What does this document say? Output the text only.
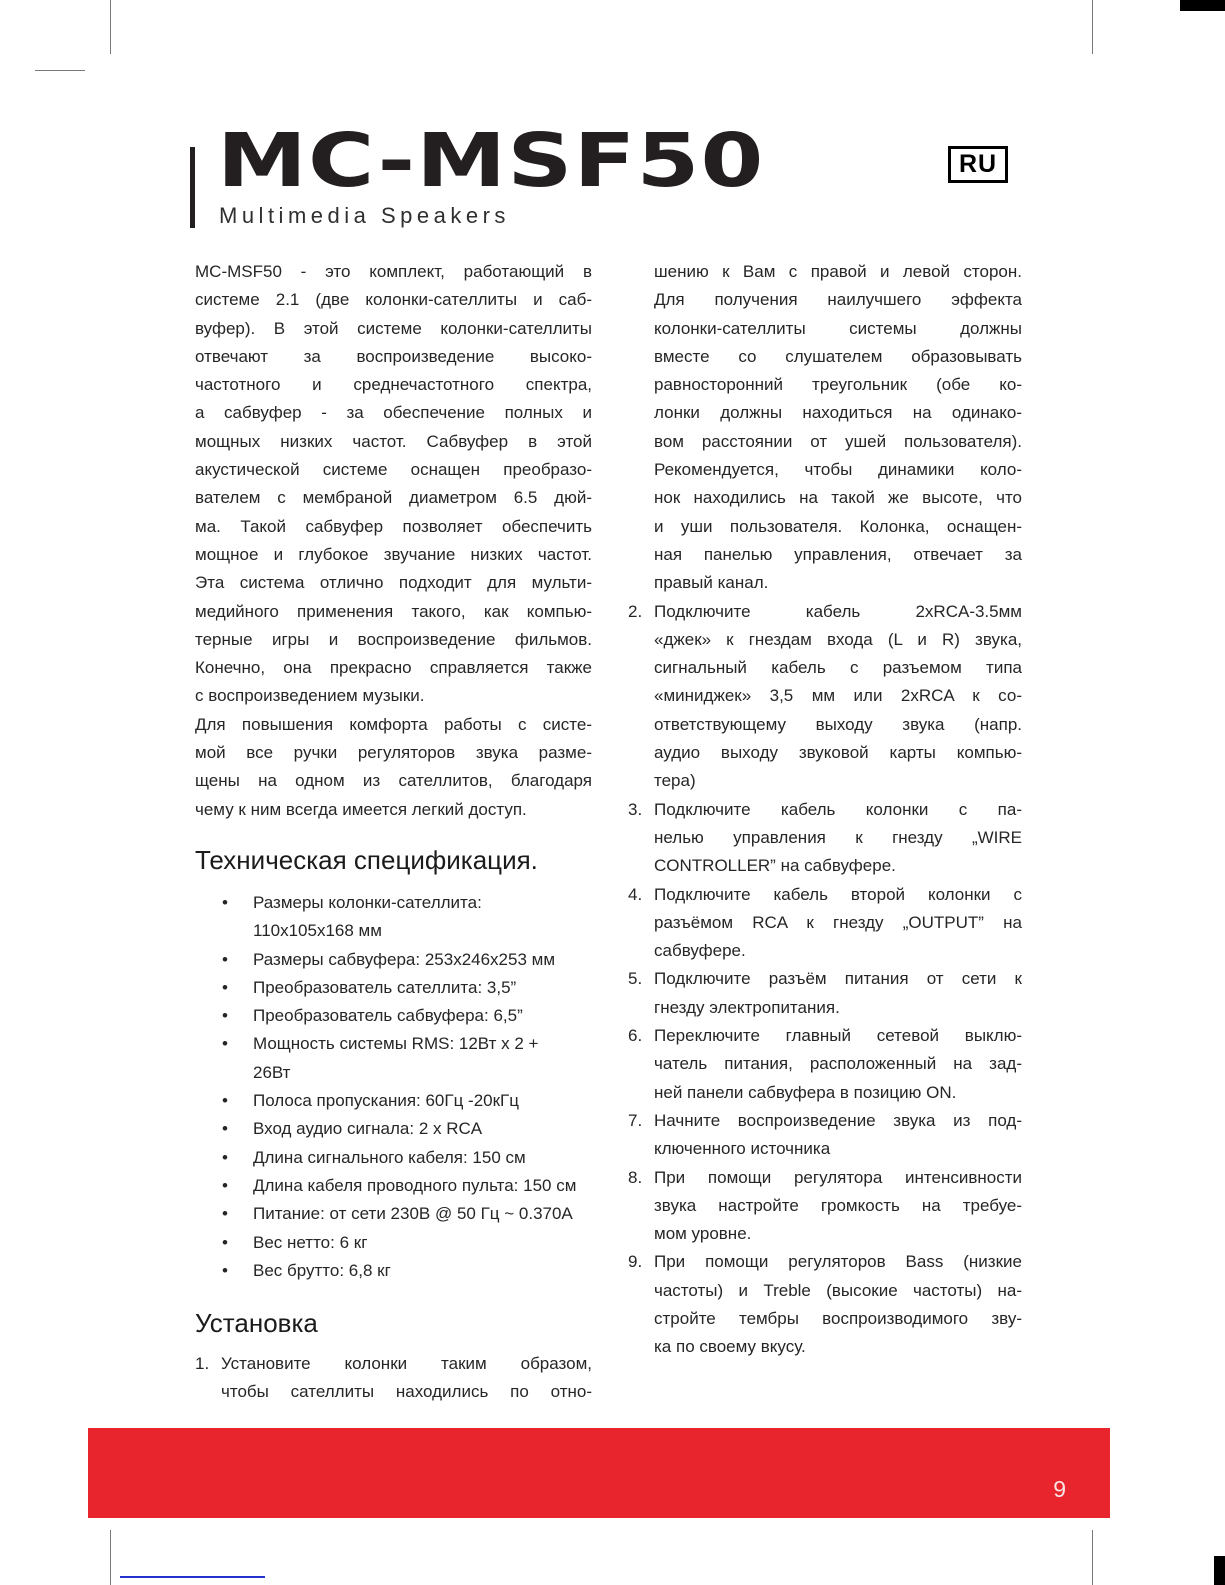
MC-MSF50
Multimedia Speakers
RU
MC-MSF50 - это комплект, работающий в
системе 2.1 (две колонки-сателлиты и саб-
вуфер). В этой системе колонки-сателлиты
отвечают за воспроизведение высоко-
частотного и среднечастотного спектра,
а сабвуфер - за обеспечение полных и
мощных низких частот. Сабвуфер в этой
акустической системе оснащен преобразо-
вателем с мембраной диаметром 6.5 дюй-
ма. Такой сабвуфер позволяет обеспечить
мощное и глубокое звучание низких частот.
Эта система отлично подходит для мульти-
медийного применения такого, как компью-
терные игры и воспроизведение фильмов.
Конечно, она прекрасно справляется также
с воспроизведением музыки.
Для повышения комфорта работы с систе-
мой все ручки регуляторов звука разме-
щены на одном из сателлитов, благодаря
чему к ним всегда имеется легкий доступ.
Техническая спецификация.
•	Размеры колонки-сателлита:
110х105х168 мм
•	Размеры сабвуфера: 253х246х253 мм
•	Преобразователь сателлита: 3,5”
•	Преобразователь сабвуфера: 6,5”
•	Мощность системы RMS: 12Вт х 2 +
26Вт
•	Полоса пропускания: 60Гц -20кГц
•	Вход аудио сигнала: 2 х RCA
•	Длина сигнального кабеля: 150 см
•	Длина кабеля проводного пульта: 150 см
•	Питание: от сети 230В @ 50 Гц ~ 0.370А
•	Вес нетто: 6 кг
•	Вес брутто: 6,8 кг
Установка
1. Установите колонки таким образом,
чтобы сателлиты находились по отно-
шению к Вам с правой и левой сторон.
Для получения наилучшего эффекта
колонки-сателлиты системы должны
вместе со слушателем образовывать
равносторонний треугольник (обе ко-
лонки должны находиться на одинако-
вом расстоянии от ушей пользователя).
Рекомендуется, чтобы динамики коло-
нок находились на такой же высоте, что
и уши пользователя. Колонка, оснащен-
ная панелью управления, отвечает за
правый канал.
2. Подключите кабель 2xRCA-3.5мм
«джек» к гнездам входа (L и R) звука,
сигнальный кабель с разъемом типа
«миниджек» 3,5 мм или 2xRCA к со-
ответствующему выходу звука (напр.
аудио выходу звуковой карты компью-
тера)
3. Подключите кабель колонки с па-
нелью управления к гнезду „WIRE
CONTROLLER” на сабвуфере.
4. Подключите кабель второй колонки с
разъёмом RCA к гнезду „OUTPUT” на
сабвуфере.
5. Подключите разъём питания от сети к
гнезду электропитания.
6. Переключите главный сетевой выклю-
чатель питания, расположенный на зад-
ней панели сабвуфера в позицию ON.
7. Начните воспроизведение звука из под-
ключенного источника
8. При помощи регулятора интенсивности
звука настройте громкость на требуе-
мом уровне.
9. При помощи регуляторов Bass (низкие
частоты) и Treble (высокие частоты) на-
стройте тембры воспроизводимого зву-
ка по своему вкусу.
9
